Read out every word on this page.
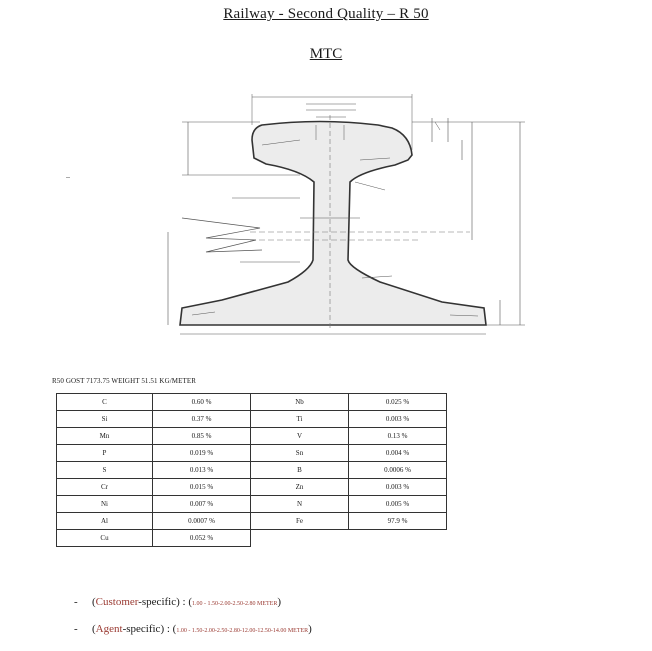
Railway - Second Quality – R 50
MTC
R50 GOST 7173.75 WEIGHT 51.51 KG/METER
C	0.60 %	Nb	0.025 %
Si	0.37 %	Ti	0.003 %
Mn	0.85 %	V	0.13 %
P	0.019 %	Sn	0.004 %
S	0.013 %	B	0.0006 %
Cr	0.015 %	Zn	0.003 %
Ni	0.007 %	N	0.005 %
Al	0.0007 %	Fe	97.9 %
Cu	0.052 %		
- (Customer-specific) : (1.00 - 1.50-2.00-2.50-2.80 METER)
- (Agent-specific) : (1.00 - 1.50-2.00-2.50-2.80-12.00-12.50-14.00 METER)
